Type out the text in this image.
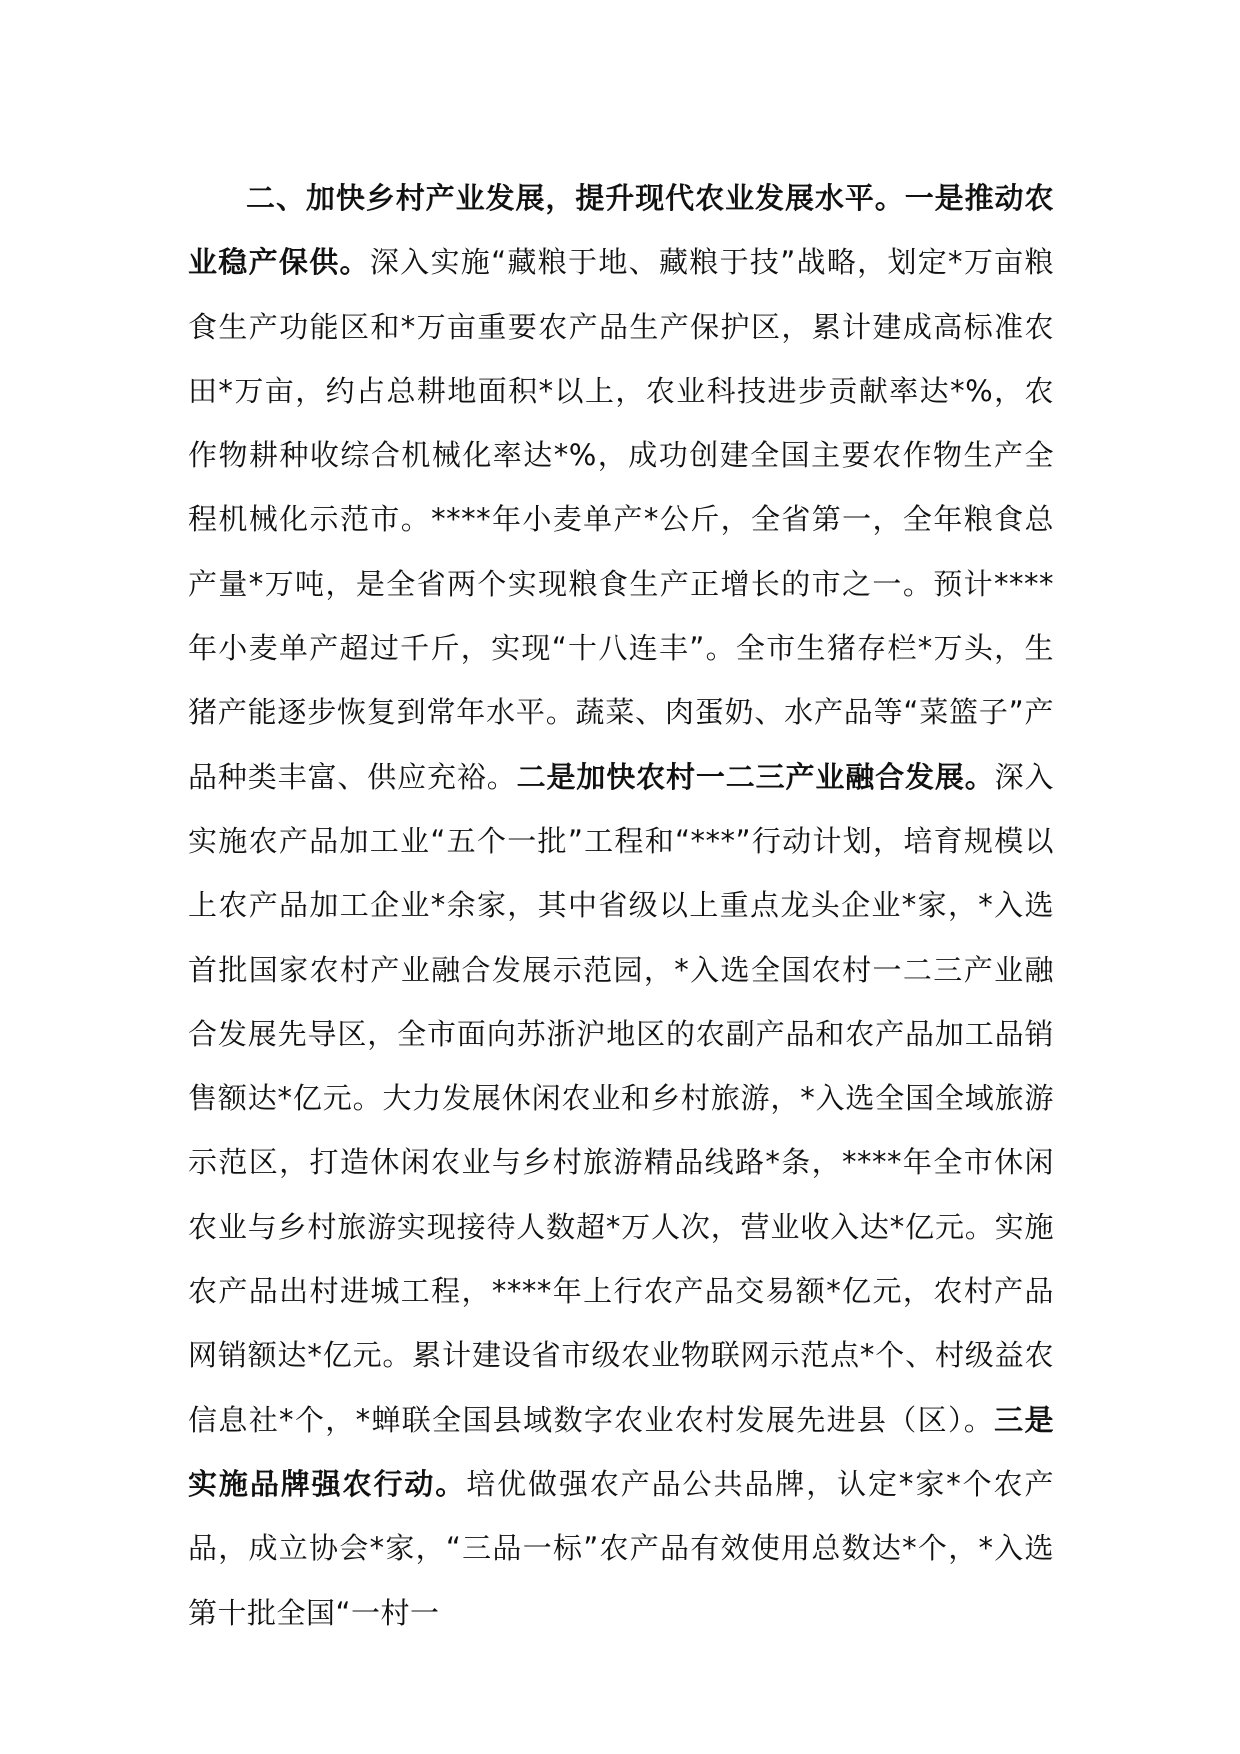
二、加快乡村产业发展，提升现代农业发展水平。一是推动农业稳产保供。深入实施“藏粮于地、藏粮于技”战略，划定*万亩粮食生产功能区和*万亩重要农产品生产保护区，累计建成高标准农田*万亩，约占总耕地面积*以上，农业科技进步贡献率达*%，农作物耕种收综合机械化率达*%，成功创建全国主要农作物生产全程机械化示范市。****年小麦单产*公斤，全省第一，全年粮食总产量*万吨，是全省两个实现粮食生产正增长的市之一。预计****年小麦单产超过千斤，实现“十八连丰”。全市生猪存栏*万头，生猪产能逐步恢复到常年水平。蔬菜、肉蛋奶、水产品等“菜篮子”产品种类丰富、供应充裕。二是加快农村一二三产业融合发展。深入实施农产品加工业“五个一批”工程和“***”行动计划，培育规模以上农产品加工企业*余家，其中省级以上重点龙头企业*家，*入选首批国家农村产业融合发展示范园，*入选全国农村一二三产业融合发展先导区，全市面向苏浙沪地区的农副产品和农产品加工品销售额达*亿元。大力发展休闲农业和乡村旅游，*入选全国全域旅游示范区，打造休闲农业与乡村旅游精品线路*条，****年全市休闲农业与乡村旅游实现接待人数超*万人次，营业收入达*亿元。实施农产品出村进城工程，****年上行农产品交易额*亿元，农村产品网销额达*亿元。累计建设省市级农业物联网示范点*个、村级益农信息社*个，*蝉联全国县域数字农业农村发展先进县（区）。三是实施品牌强农行动。培优做强农产品公共品牌，认定*家*个农产品，成立协会*家，“三品一标”农产品有效使用总数达*个，*入选第十批全国“一村一
